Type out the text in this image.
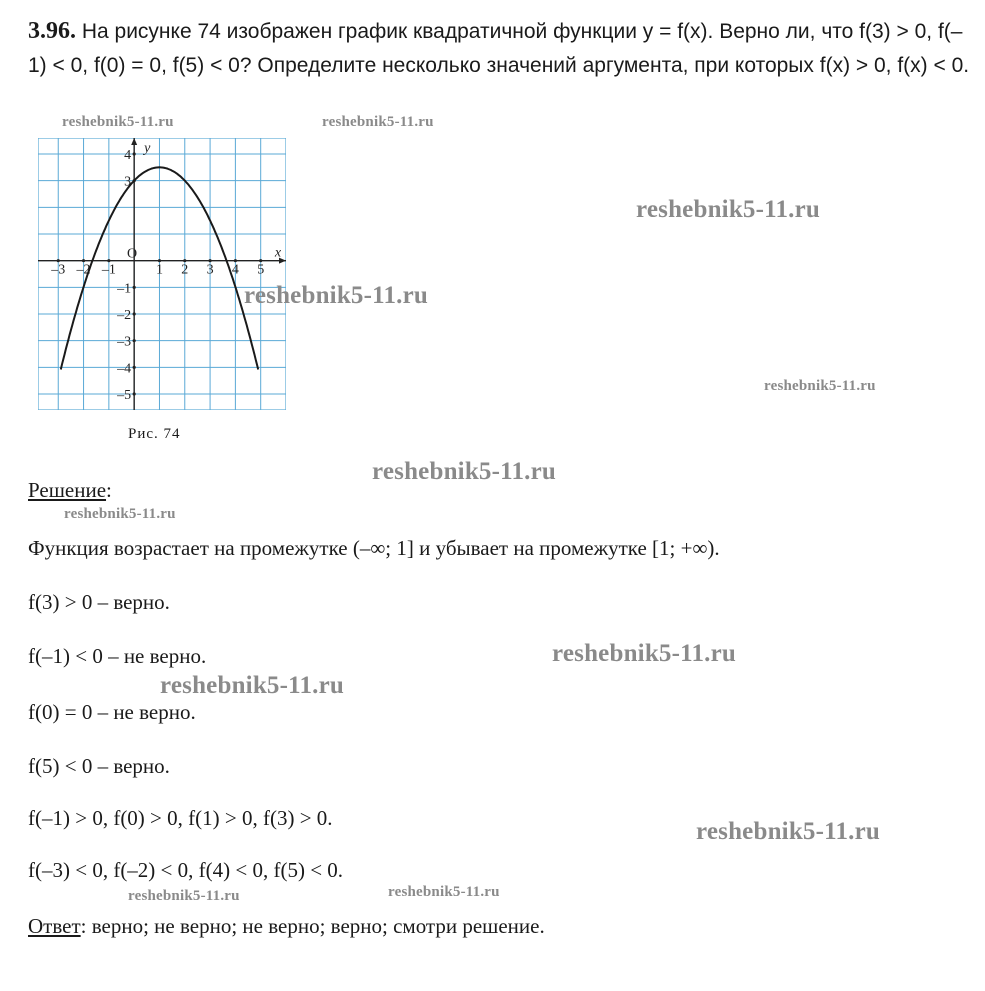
3.96. На рисунке 74 изображен график квадратичной функции y = f(x). Верно ли, что f(3) > 0, f(–1) < 0, f(0) = 0, f(5) < 0? Определите несколько значений аргумента, при которых f(x) > 0, f(x) < 0.
–3 –2 –1	1 2 3 4 5
4
3
–1
–2
–3
–4
–5
O
y
x
Рис. 74
reshebnik5-11.ru	reshebnik5-11.ru
reshebnik5-11.ru
reshebnik5-11.ru
reshebnik5-11.ru
reshebnik5-11.ru
reshebnik5-11.ru
reshebnik5-11.ru
reshebnik5-11.ru
reshebnik5-11.ru
reshebnik5-11.ru	reshebnik5-11.ru
Решение:
Функция возрастает на промежутке (–∞; 1] и убывает на промежутке [1; +∞).
f(3) > 0 – верно.
f(–1) < 0 – не верно.
f(0) = 0 – не верно.
f(5) < 0 – верно.
f(–1) > 0, f(0) > 0, f(1) > 0, f(3) > 0.
f(–3) < 0, f(–2) < 0, f(4) < 0, f(5) < 0.
Ответ: верно; не верно; не верно; верно; смотри решение.
